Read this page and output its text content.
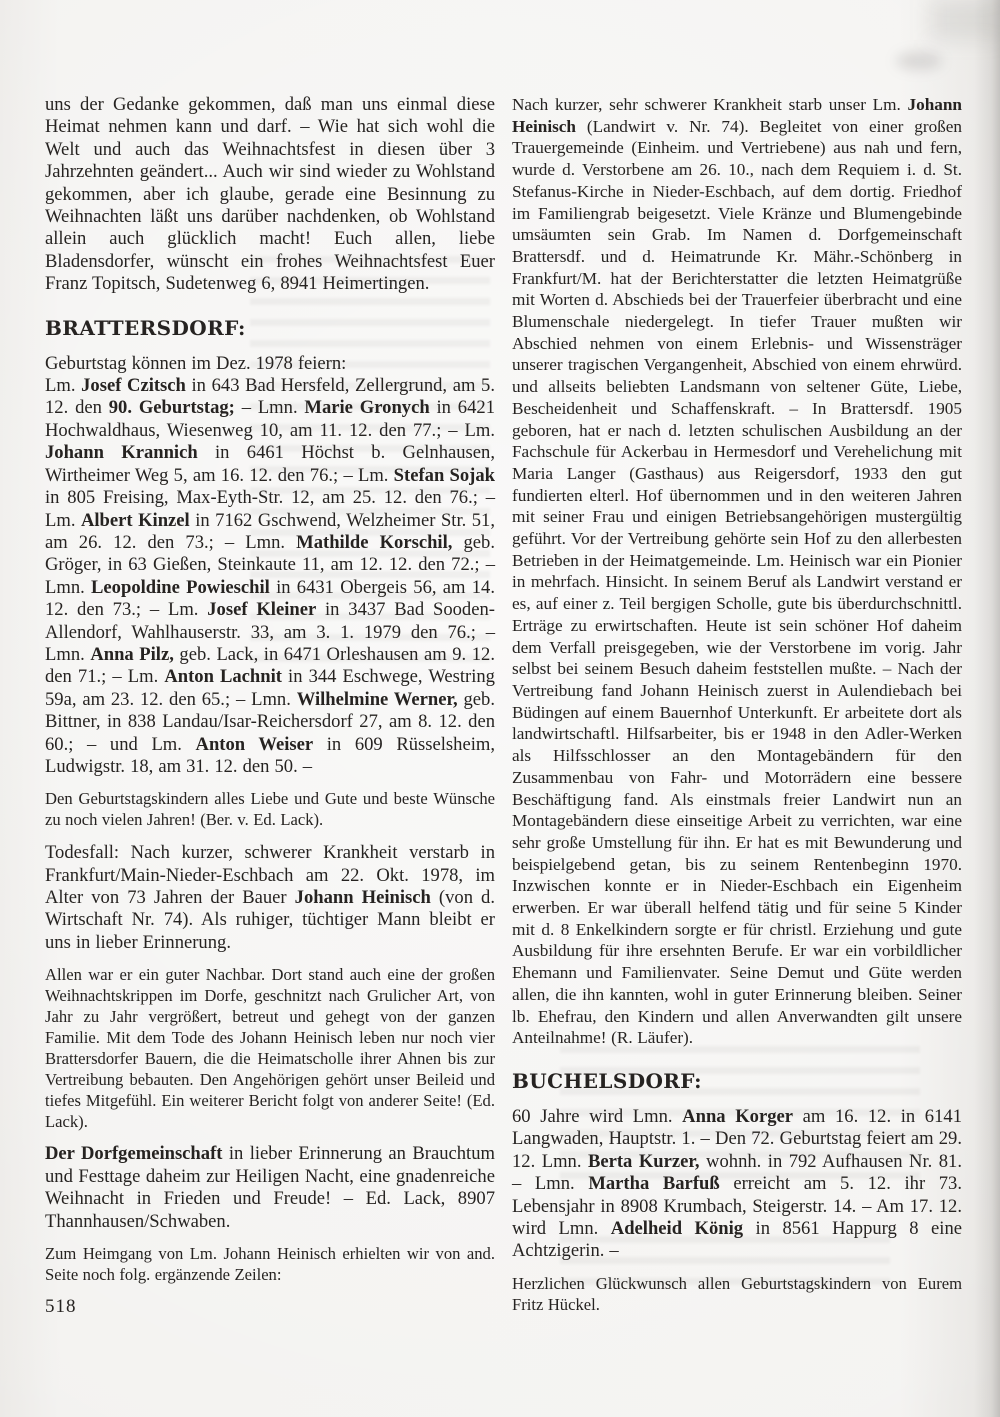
uns der Gedanke gekommen, daß man uns einmal diese Heimat nehmen kann und darf. – Wie hat sich wohl die Welt und auch das Weihnachtsfest in diesen über 3 Jahrzehnten geändert... Auch wir sind wieder zu Wohlstand gekommen, aber ich glaube, gerade eine Besinnung zu Weihnachten läßt uns darüber nachdenken, ob Wohlstand allein auch glücklich macht! Euch allen, liebe Bladensdorfer, wünscht ein frohes Weihnachtsfest Euer Franz Topitsch, Sudetenweg 6, 8941 Heimertingen.

BRATTERSDORF:

Geburtstag können im Dez. 1978 feiern:

Lm. Josef Czitsch in 643 Bad Hersfeld, Zellergrund, am 5. 12. den 90. Geburtstag; – Lmn. Marie Gronych in 6421 Hochwaldhaus, Wiesenweg 10, am 11. 12. den 77.; – Lm. Johann Krannich in 6461 Höchst b. Gelnhausen, Wirtheimer Weg 5, am 16. 12. den 76.; – Lm. Stefan Sojak in 805 Freising, Max-Eyth-Str. 12, am 25. 12. den 76.; – Lm. Albert Kinzel in 7162 Gschwend, Welzheimer Str. 51, am 26. 12. den 73.; – Lmn. Mathilde Korschil, geb. Gröger, in 63 Gießen, Steinkaute 11, am 12. 12. den 72.; – Lmn. Leopoldine Powieschil in 6431 Obergeis 56, am 14. 12. den 73.; – Lm. Josef Kleiner in 3437 Bad Sooden-Allendorf, Wahlhauserstr. 33, am 3. 1. 1979 den 76.; – Lmn. Anna Pilz, geb. Lack, in 6471 Orleshausen am 9. 12. den 71.; – Lm. Anton Lachnit in 344 Eschwege, Westring 59a, am 23. 12. den 65.; – Lmn. Wilhelmine Werner, geb. Bittner, in 838 Landau/Isar-Reichersdorf 27, am 8. 12. den 60.; – und Lm. Anton Weiser in 609 Rüsselsheim, Ludwigstr. 18, am 31. 12. den 50. –

Den Geburtstagskindern alles Liebe und Gute und beste Wünsche zu noch vielen Jahren! (Ber. v. Ed. Lack).

Todesfall: Nach kurzer, schwerer Krankheit verstarb in Frankfurt/Main-Nieder-Eschbach am 22. Okt. 1978, im Alter von 73 Jahren der Bauer Johann Heinisch (von d. Wirtschaft Nr. 74). Als ruhiger, tüchtiger Mann bleibt er uns in lieber Erinnerung.

Allen war er ein guter Nachbar. Dort stand auch eine der großen Weihnachtskrippen im Dorfe, geschnitzt nach Grulicher Art, von Jahr zu Jahr vergrößert, betreut und gehegt von der ganzen Familie. Mit dem Tode des Johann Heinisch leben nur noch vier Brattersdorfer Bauern, die die Heimatscholle ihrer Ahnen bis zur Vertreibung bebauten. Den Angehörigen gehört unser Beileid und tiefes Mitgefühl. Ein weiterer Bericht folgt von anderer Seite! (Ed. Lack).

Der Dorfgemeinschaft in lieber Erinnerung an Brauchtum und Festtage daheim zur Heiligen Nacht, eine gnadenreiche Weihnacht in Frieden und Freude! – Ed. Lack, 8907 Thannhausen/Schwaben.

Zum Heimgang von Lm. Johann Heinisch erhielten wir von and. Seite noch folg. ergänzende Zeilen:

Nach kurzer, sehr schwerer Krankheit starb unser Lm. Johann Heinisch (Landwirt v. Nr. 74). Begleitet von einer großen Trauergemeinde (Einheim. und Vertriebene) aus nah und fern, wurde d. Verstorbene am 26. 10., nach dem Requiem i. d. St. Stefanus-Kirche in Nieder-Eschbach, auf dem dortig. Friedhof im Familiengrab beigesetzt. Viele Kränze und Blumengebinde umsäumten sein Grab. Im Namen d. Dorfgemeinschaft Brattersdf. und d. Heimatrunde Kr. Mähr.-Schönberg in Frankfurt/M. hat der Berichterstatter die letzten Heimatgrüße mit Worten d. Abschieds bei der Trauerfeier überbracht und eine Blumenschale niedergelegt. In tiefer Trauer mußten wir Abschied nehmen von einem Erlebnis- und Wissensträger unserer tragischen Vergangenheit, Abschied von einem ehrwürd. und allseits beliebten Landsmann von seltener Güte, Liebe, Bescheidenheit und Schaffenskraft. – In Brattersdf. 1905 geboren, hat er nach d. letzten schulischen Ausbildung an der Fachschule für Ackerbau in Hermesdorf und Verehelichung mit Maria Langer (Gasthaus) aus Reigersdorf, 1933 den gut fundierten elterl. Hof übernommen und in den weiteren Jahren mit seiner Frau und einigen Betriebsangehörigen mustergültig geführt. Vor der Vertreibung gehörte sein Hof zu den allerbesten Betrieben in der Heimatgemeinde. Lm. Heinisch war ein Pionier in mehrfach. Hinsicht. In seinem Beruf als Landwirt verstand er es, auf einer z. Teil bergigen Scholle, gute bis überdurchschnittl. Erträge zu erwirtschaften. Heute ist sein schöner Hof daheim dem Verfall preisgegeben, wie der Verstorbene im vorig. Jahr selbst bei seinem Besuch daheim feststellen mußte. – Nach der Vertreibung fand Johann Heinisch zuerst in Aulendiebach bei Büdingen auf einem Bauernhof Unterkunft. Er arbeitete dort als landwirtschaftl. Hilfsarbeiter, bis er 1948 in den Adler-Werken als Hilfsschlosser an den Montagebändern für den Zusammenbau von Fahr- und Motorrädern eine bessere Beschäftigung fand. Als einstmals freier Landwirt nun an Montagebändern diese einseitige Arbeit zu verrichten, war eine sehr große Umstellung für ihn. Er hat es mit Bewunderung und beispielgebend getan, bis zu seinem Rentenbeginn 1970. Inzwischen konnte er in Nieder-Eschbach ein Eigenheim erwerben. Er war überall helfend tätig und für seine 5 Kinder mit d. 8 Enkelkindern sorgte er für christl. Erziehung und gute Ausbildung für ihre ersehnten Berufe. Er war ein vorbildlicher Ehemann und Familienvater. Seine Demut und Güte werden allen, die ihn kannten, wohl in guter Erinnerung bleiben. Seiner lb. Ehefrau, den Kindern und allen Anverwandten gilt unsere Anteilnahme! (R. Läufer).

BUCHELSDORF:

60 Jahre wird Lmn. Anna Korger am 16. 12. in 6141 Langwaden, Hauptstr. 1. – Den 72. Geburtstag feiert am 29. 12. Lmn. Berta Kurzer, wohnh. in 792 Aufhausen Nr. 81. – Lmn. Martha Barfuß erreicht am 5. 12. ihr 73. Lebensjahr in 8908 Krumbach, Steigerstr. 14. – Am 17. 12. wird Lmn. Adelheid König in 8561 Happurg 8 eine Achtzigerin. –

Herzlichen Glückwunsch allen Geburtstagskindern von Eurem Fritz Hückel.

518
